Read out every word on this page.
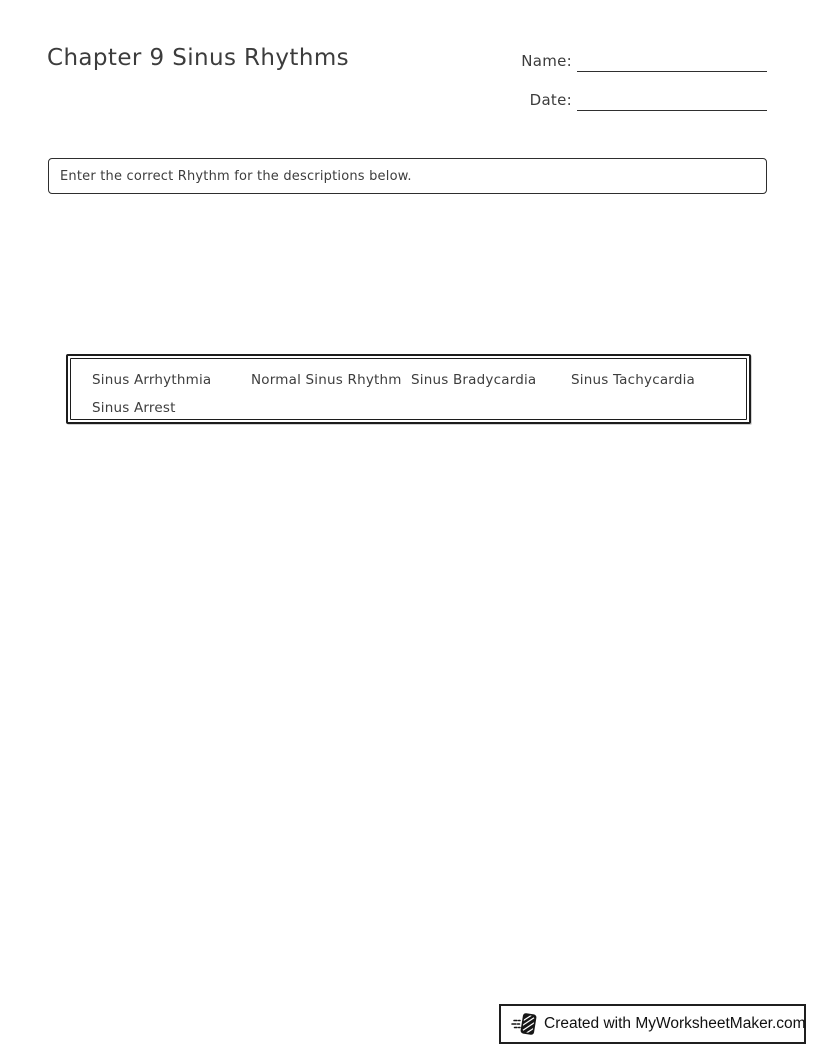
Chapter 9 Sinus Rhythms	Name:
Date:
Enter the correct Rhythm for the descriptions below.
Sinus Arrhythmia	Normal Sinus Rhythm Sinus Bradycardia	Sinus Tachycardia
Sinus Arrest
Created with MyWorksheetMaker.com
